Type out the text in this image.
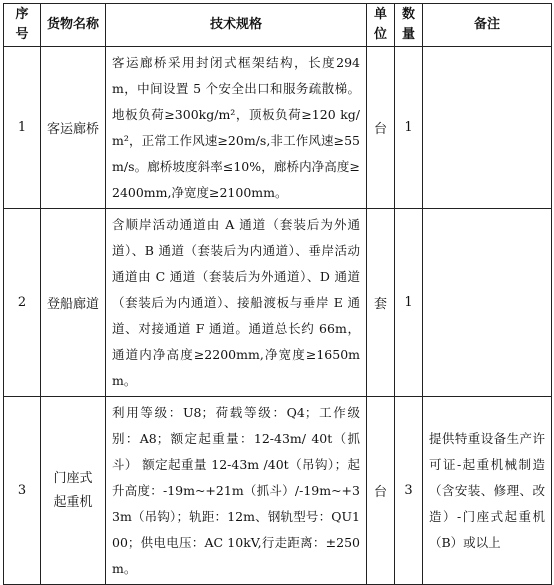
序号	货物名称	技术规格	单位	数量	备注
1	客运廊桥	客运廊桥采用封闭式框架结构，长度294m，中间设置 5 个安全出口和服务疏散梯。地板负荷≥300kg/m²，顶板负荷≥120 kg/m²，正常工作风速≥20m/s,非工作风速≥55m/s。廊桥坡度斜率≤10%，廊桥内净高度≥2400mm,净宽度≥2100mm。	台	1	
2	登船廊道	含顺岸活动通道由 A 通道（套装后为外通道）、B 通道（套装后为内通道）、垂岸活动通道由 C 通道（套装后为外通道）、D 通道（套装后为内通道）、接船渡板与垂岸 E 通道、对接通道 F 通道。通道总长约 66m，通道内净高度≥2200mm,净宽度≥1650mm。	套	1	
3	门座式起重机	利用等级：U8；荷载等级：Q4；工作级别：A8；额定起重量：12-43m/ 40t（抓斗） 额定起重量 12-43m /40t（吊钩）；起升高度：-19m~+21m（抓斗）/-19m~+33m（吊钩）；轨距：12m、钢轨型号：QU100；供电电压：AC 10kV,行走距离：±250m。	台	3	提供特重设备生产许可证-起重机械制造（含安装、修理、改造）-门座式起重机（B）或以上
